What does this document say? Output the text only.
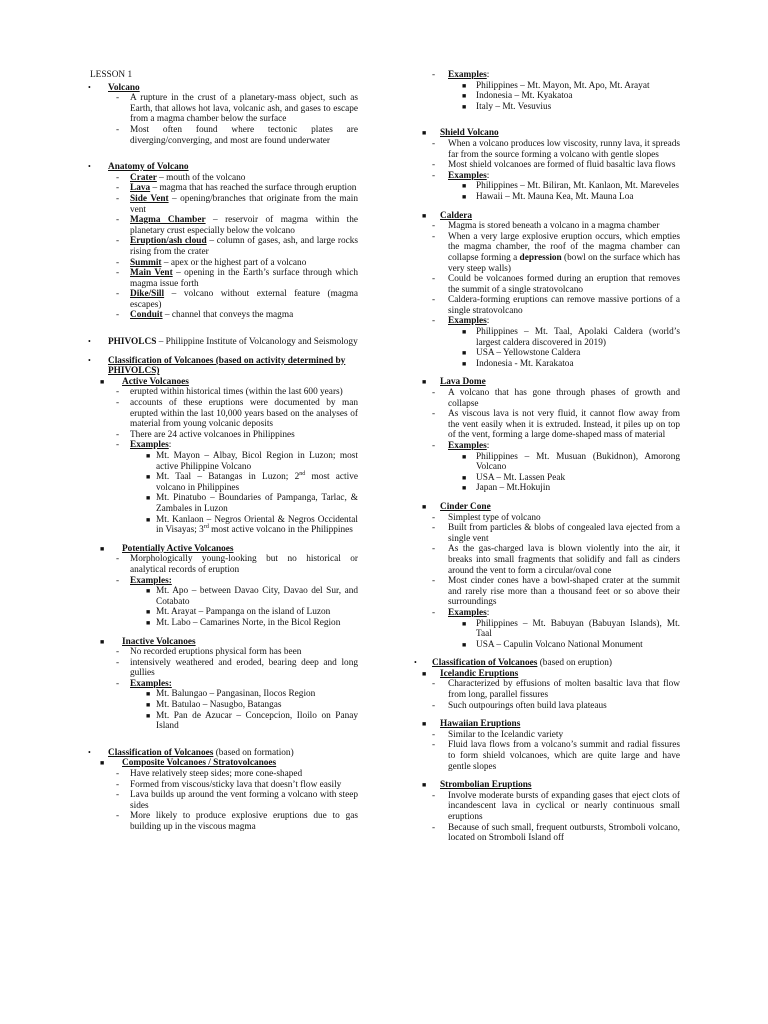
LESSON 1
• Volcano
- A rupture in the crust of a planetary-mass object, such as Earth, that allows hot lava, volcanic ash, and gases to escape from a magma chamber below the surface
- Most often found where tectonic plates are diverging/converging, and most are found underwater
• Anatomy of Volcano
- Crater – mouth of the volcano
- Lava – magma that has reached the surface through eruption
- Side Vent – opening/branches that originate from the main vent
- Magma Chamber – reservoir of magma within the planetary crust especially below the volcano
- Eruption/ash cloud – column of gases, ash, and large rocks rising from the crater
- Summit – apex or the highest part of a volcano
- Main Vent – opening in the Earth’s surface through which magma issue forth
- Dike/Sill – volcano without external feature (magma escapes)
- Conduit – channel that conveys the magma
• PHIVOLCS – Philippine Institute of Volcanology and Seismology
• Classification of Volcanoes (based on activity determined by PHIVOLCS)
■ Active Volcanoes
- erupted within historical times (within the last 600 years)
- accounts of these eruptions were documented by man erupted within the last 10,000 years based on the analyses of material from young volcanic deposits
- There are 24 active volcanoes in Philippines
- Examples:
■ Mt. Mayon – Albay, Bicol Region in Luzon; most active Philippine Volcano
■ Mt. Taal – Batangas in Luzon; 2nd most active volcano in Philippines
■ Mt. Pinatubo – Boundaries of Pampanga, Tarlac, & Zambales in Luzon
■ Mt. Kanlaon – Negros Oriental & Negros Occidental in Visayas; 3rd most active volcano in the Philippines
■ Potentially Active Volcanoes
- Morphologically young-looking but no historical or analytical records of eruption
- Examples:
■ Mt. Apo – between Davao City, Davao del Sur, and Cotabato
■ Mt. Arayat – Pampanga on the island of Luzon
■ Mt. Labo – Camarines Norte, in the Bicol Region
■ Inactive Volcanoes
- No recorded eruptions physical form has been
- intensively weathered and eroded, bearing deep and long gullies
- Examples:
■ Mt. Balungao – Pangasinan, Ilocos Region
■ Mt. Batulao – Nasugbo, Batangas
■ Mt. Pan de Azucar – Concepcion, Iloilo on Panay Island
• Classification of Volcanoes (based on formation)
■ Composite Volcanoes / Stratovolcanoes
- Have relatively steep sides; more cone-shaped
- Formed from viscous/sticky lava that doesn’t flow easily
- Lava builds up around the vent forming a volcano with steep sides
- More likely to produce explosive eruptions due to gas building up in the viscous magma
- Examples:
■ Philippines – Mt. Mayon, Mt. Apo, Mt. Arayat
■ Indonesia – Mt. Kyakatoa
■ Italy – Mt. Vesuvius
■ Shield Volcano
- When a volcano produces low viscosity, runny lava, it spreads far from the source forming a volcano with gentle slopes
- Most shield volcanoes are formed of fluid basaltic lava flows
- Examples:
■ Philippines – Mt. Biliran, Mt. Kanlaon, Mt. Mareveles
■ Hawaii – Mt. Mauna Kea, Mt. Mauna Loa
■ Caldera
- Magma is stored beneath a volcano in a magma chamber
- When a very large explosive eruption occurs, which empties the magma chamber, the roof of the magma chamber can collapse forming a depression (bowl on the surface which has very steep walls)
- Could be volcanoes formed during an eruption that removes the summit of a single stratovolcano
- Caldera-forming eruptions can remove massive portions of a single stratovolcano
- Examples:
■ Philippines – Mt. Taal, Apolaki Caldera (world’s largest caldera discovered in 2019)
■ USA – Yellowstone Caldera
■ Indonesia - Mt. Karakatoa
■ Lava Dome
- A volcano that has gone through phases of growth and collapse
- As viscous lava is not very fluid, it cannot flow away from the vent easily when it is extruded. Instead, it piles up on top of the vent, forming a large dome-shaped mass of material
- Examples:
■ Philippines – Mt. Musuan (Bukidnon), Amorong Volcano
■ USA – Mt. Lassen Peak
■ Japan – Mt.Hokujin
■ Cinder Cone
- Simplest type of volcano
- Built from particles & blobs of congealed lava ejected from a single vent
- As the gas-charged lava is blown violently into the air, it breaks into small fragments that solidify and fall as cinders around the vent to form a circular/oval cone
- Most cinder cones have a bowl-shaped crater at the summit and rarely rise more than a thousand feet or so above their surroundings
- Examples:
■ Philippines – Mt. Babuyan (Babuyan Islands), Mt. Taal
■ USA – Capulin Volcano National Monument
• Classification of Volcanoes (based on eruption)
■ Icelandic Eruptions
- Characterized by effusions of molten basaltic lava that flow from long, parallel fissures
- Such outpourings often build lava plateaus
■ Hawaiian Eruptions
- Similar to the Icelandic variety
- Fluid lava flows from a volcano’s summit and radial fissures to form shield volcanoes, which are quite large and have gentle slopes
■ Strombolian Eruptions
- Involve moderate bursts of expanding gases that eject clots of incandescent lava in cyclical or nearly continuous small eruptions
- Because of such small, frequent outbursts, Stromboli volcano, located on Stromboli Island off
